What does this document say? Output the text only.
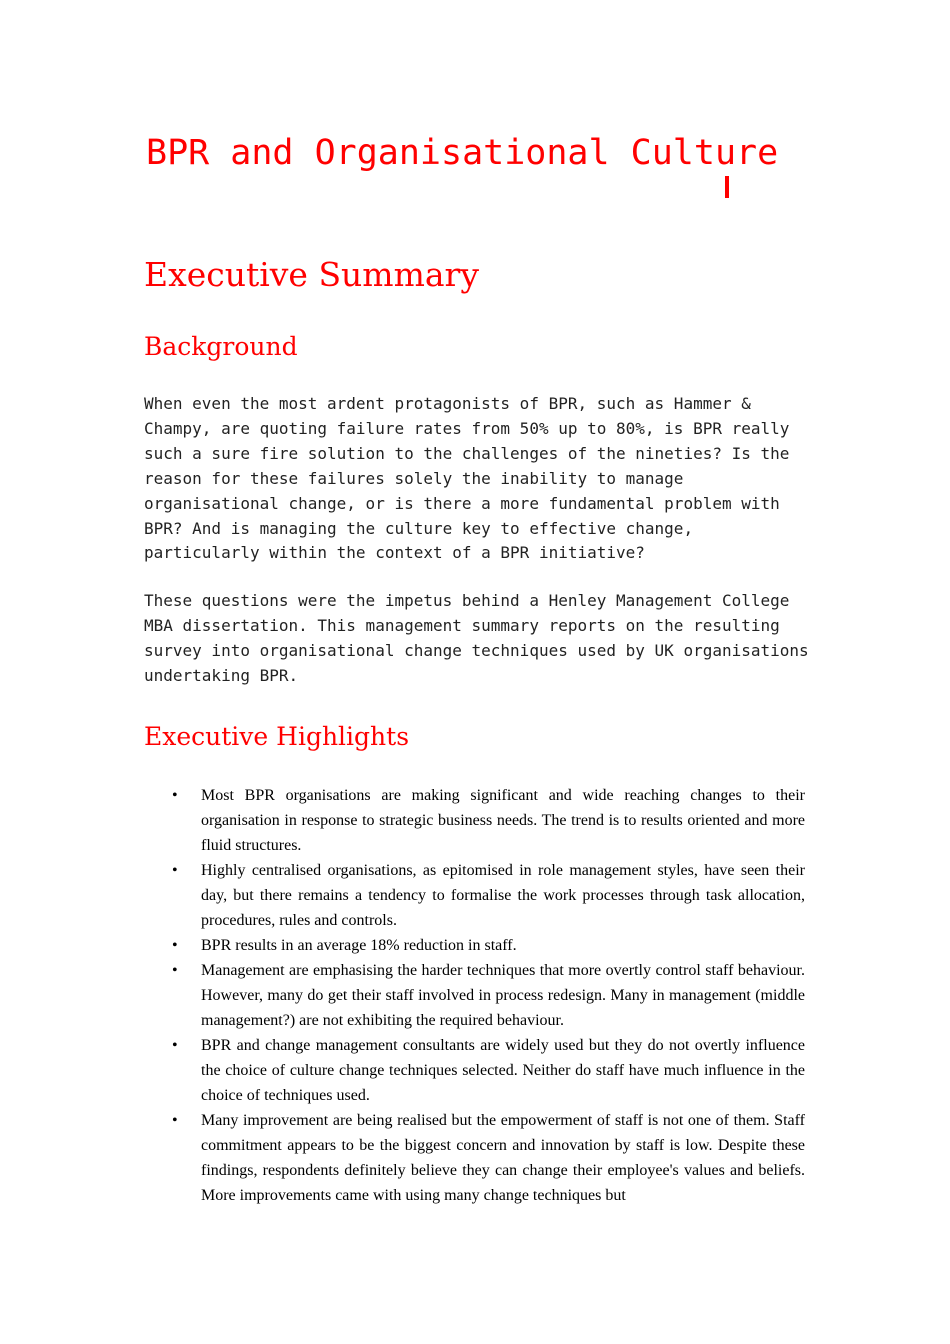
BPR and Organisational Culture
Executive Summary
Background
When even the most ardent protagonists of BPR, such as Hammer &
Champy, are quoting failure rates from 50% up to 80%, is BPR really
such a sure fire solution to the challenges of the nineties? Is the
reason for these failures solely the inability to manage
organisational change, or is there a more fundamental problem with
BPR? And is managing the culture key to effective change,
particularly within the context of a BPR initiative?
These questions were the impetus behind a Henley Management College
MBA dissertation. This management summary reports on the resulting
survey into organisational change techniques used by UK organisations
undertaking BPR.
Executive Highlights
•	Most BPR organisations are making significant and wide reaching changes to their organisation in response to strategic business needs. The trend is to results oriented and more fluid structures.
•	Highly centralised organisations, as epitomised in role management styles, have seen their day, but there remains a tendency to formalise the work processes through task allocation, procedures, rules and controls.
•	BPR results in an average 18% reduction in staff.
•	Management are emphasising the harder techniques that more overtly control staff behaviour. However, many do get their staff involved in process redesign. Many in management (middle management?) are not exhibiting the required behaviour.
•	BPR and change management consultants are widely used but they do not overtly influence the choice of culture change techniques selected. Neither do staff have much influence in the choice of techniques used.
•	Many improvement are being realised but the empowerment of staff is not one of them. Staff commitment appears to be the biggest concern and innovation by staff is low. Despite these findings, respondents definitely believe they can change their employee's values and beliefs. More improvements came with using many change techniques but
